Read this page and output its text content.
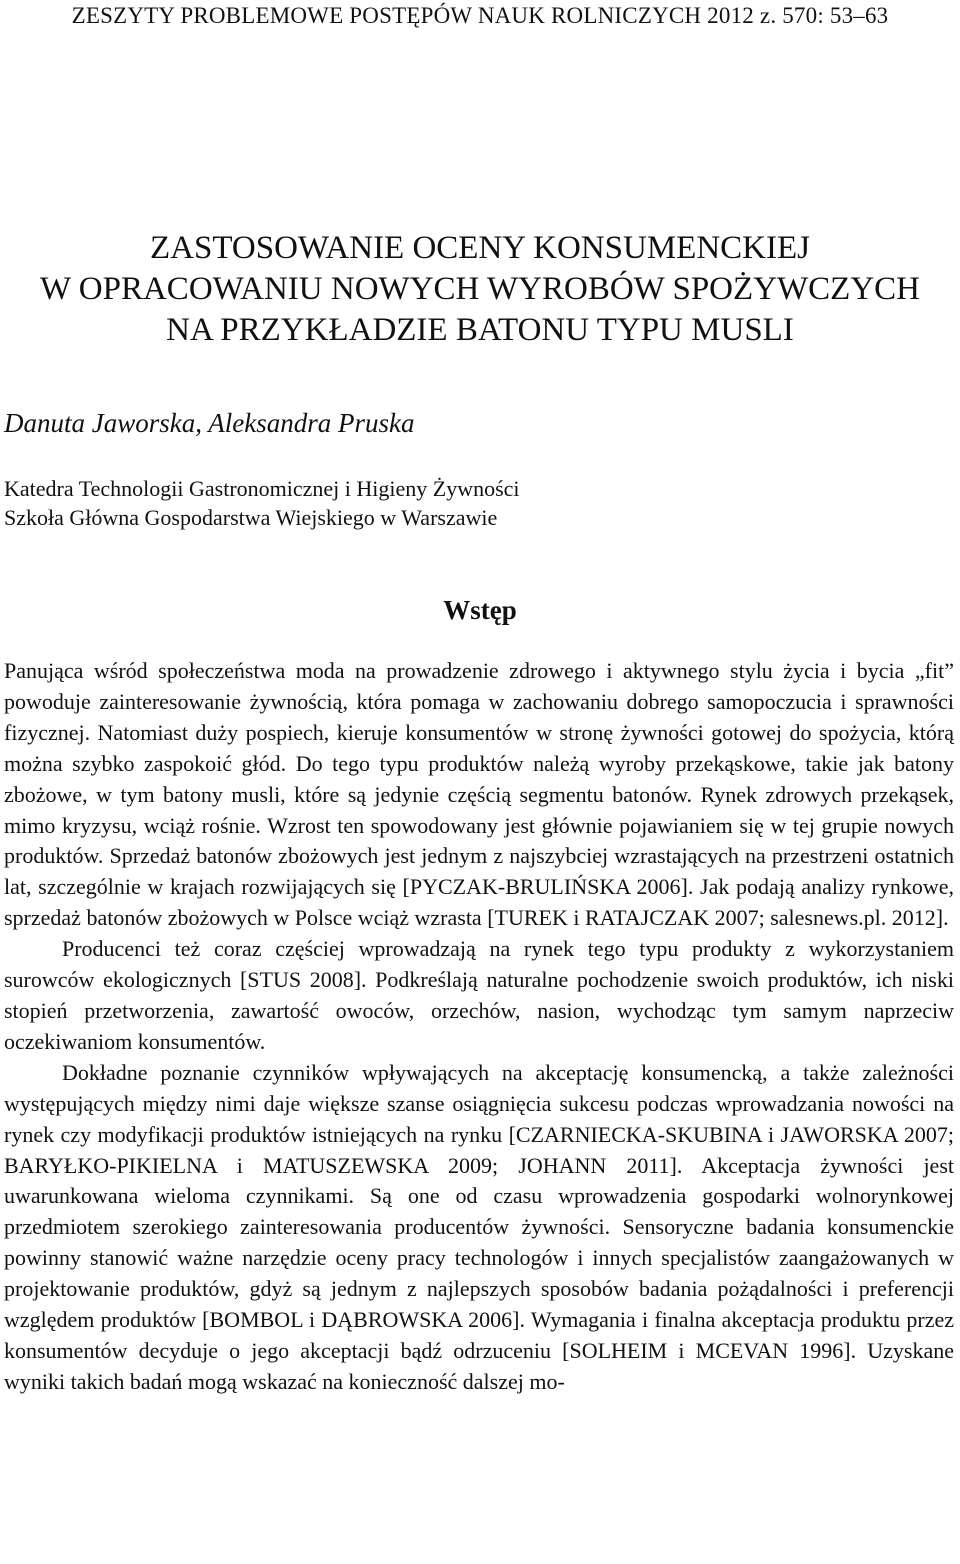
ZESZYTY PROBLEMOWE POSTĘPÓW NAUK ROLNICZYCH 2012 z. 570: 53–63
ZASTOSOWANIE OCENY KONSUMENCKIEJ
W OPRACOWANIU NOWYCH WYROBÓW SPOŻYWCZYCH
NA PRZYKŁADZIE BATONU TYPU MUSLI
Danuta Jaworska, Aleksandra Pruska
Katedra Technologii Gastronomicznej i Higieny Żywności
Szkoła Główna Gospodarstwa Wiejskiego w Warszawie
Wstęp

Panująca wśród społeczeństwa moda na prowadzenie zdrowego i aktywnego stylu życia i bycia „fit” powoduje zainteresowanie żywnością, która pomaga w zachowaniu dobrego samopoczucia i sprawności fizycznej. Natomiast duży pospiech, kieruje konsumentów w stronę żywności gotowej do spożycia, którą można szybko zaspokoić głód. Do tego typu produktów należą wyroby przekąskowe, takie jak batony zbożowe, w tym batony musli, które są jedynie częścią segmentu batonów. Rynek zdrowych przekąsek, mimo kryzysu, wciąż rośnie. Wzrost ten spowodowany jest głównie pojawianiem się w tej grupie nowych produktów. Sprzedaż batonów zbożowych jest jednym z najszybciej wzrastających na przestrzeni ostatnich lat, szczególnie w krajach rozwijających się [PYCZAK-BRULIŃSKA 2006]. Jak podają analizy rynkowe, sprzedaż batonów zbożowych w Polsce wciąż wzrasta [TUREK i RATAJCZAK 2007; salesnews.pl. 2012].

Producenci też coraz częściej wprowadzają na rynek tego typu produkty z wykorzystaniem surowców ekologicznych [STUS 2008]. Podkreślają naturalne pochodzenie swoich produktów, ich niski stopień przetworzenia, zawartość owoców, orzechów, nasion, wychodząc tym samym naprzeciw oczekiwaniom konsumentów.

Dokładne poznanie czynników wpływających na akceptację konsumencką, a także zależności występujących między nimi daje większe szanse osiągnięcia sukcesu podczas wprowadzania nowości na rynek czy modyfikacji produktów istniejących na rynku [CZARNIECKA-SKUBINA i JAWORSKA 2007; BARYŁKO-PIKIELNA i MATUSZEWSKA 2009; JOHANN 2011]. Akceptacja żywności jest uwarunkowana wieloma czynnikami. Są one od czasu wprowadzenia gospodarki wolnorynkowej przedmiotem szerokiego zainteresowania producentów żywności. Sensoryczne badania konsumenckie powinny stanowić ważne narzędzie oceny pracy technologów i innych specjalistów zaangażowanych w projektowanie produktów, gdyż są jednym z najlepszych sposobów badania pożądalności i preferencji względem produktów [BOMBOL i DĄBROWSKA 2006]. Wymagania i finalna akceptacja produktu przez konsumentów decyduje o jego akceptacji bądź odrzuceniu [SOLHEIM i MCEVAN 1996]. Uzyskane wyniki takich badań mogą wskazać na konieczność dalszej mo-
